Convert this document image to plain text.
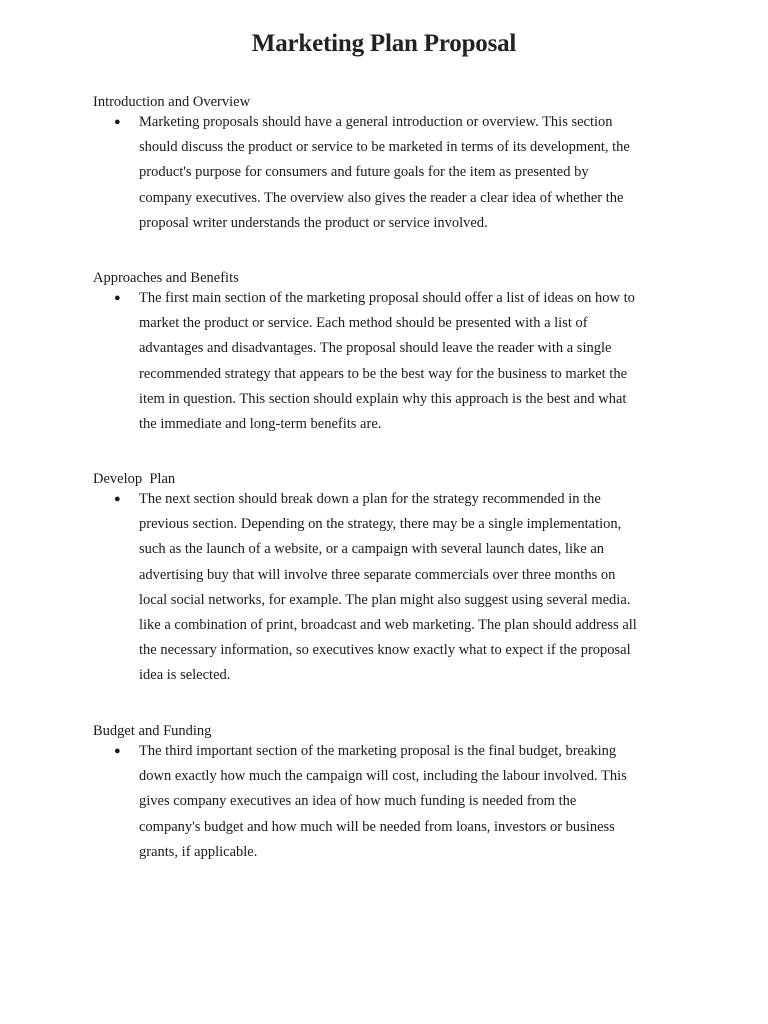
Marketing Plan Proposal
Introduction and Overview
● Marketing proposals should have a general introduction or overview. This section
should discuss the product or service to be marketed in terms of its development, the
product's purpose for consumers and future goals for the item as presented by
company executives. The overview also gives the reader a clear idea of whether the
proposal writer understands the product or service involved.

Approaches and Benefits
● The first main section of the marketing proposal should offer a list of ideas on how to
market the product or service. Each method should be presented with a list of
advantages and disadvantages. The proposal should leave the reader with a single
recommended strategy that appears to be the best way for the business to market the
item in question. This section should explain why this approach is the best and what
the immediate and long-term benefits are.

Develop  Plan
● The next section should break down a plan for the strategy recommended in the
previous section. Depending on the strategy, there may be a single implementation,
such as the launch of a website, or a campaign with several launch dates, like an
advertising buy that will involve three separate commercials over three months on
local social networks, for example. The plan might also suggest using several media.
like a combination of print, broadcast and web marketing. The plan should address all
the necessary information, so executives know exactly what to expect if the proposal
idea is selected.

Budget and Funding
● The third important section of the marketing proposal is the final budget, breaking
down exactly how much the campaign will cost, including the labour involved. This
gives company executives an idea of how much funding is needed from the
company's budget and how much will be needed from loans, investors or business
grants, if applicable.
